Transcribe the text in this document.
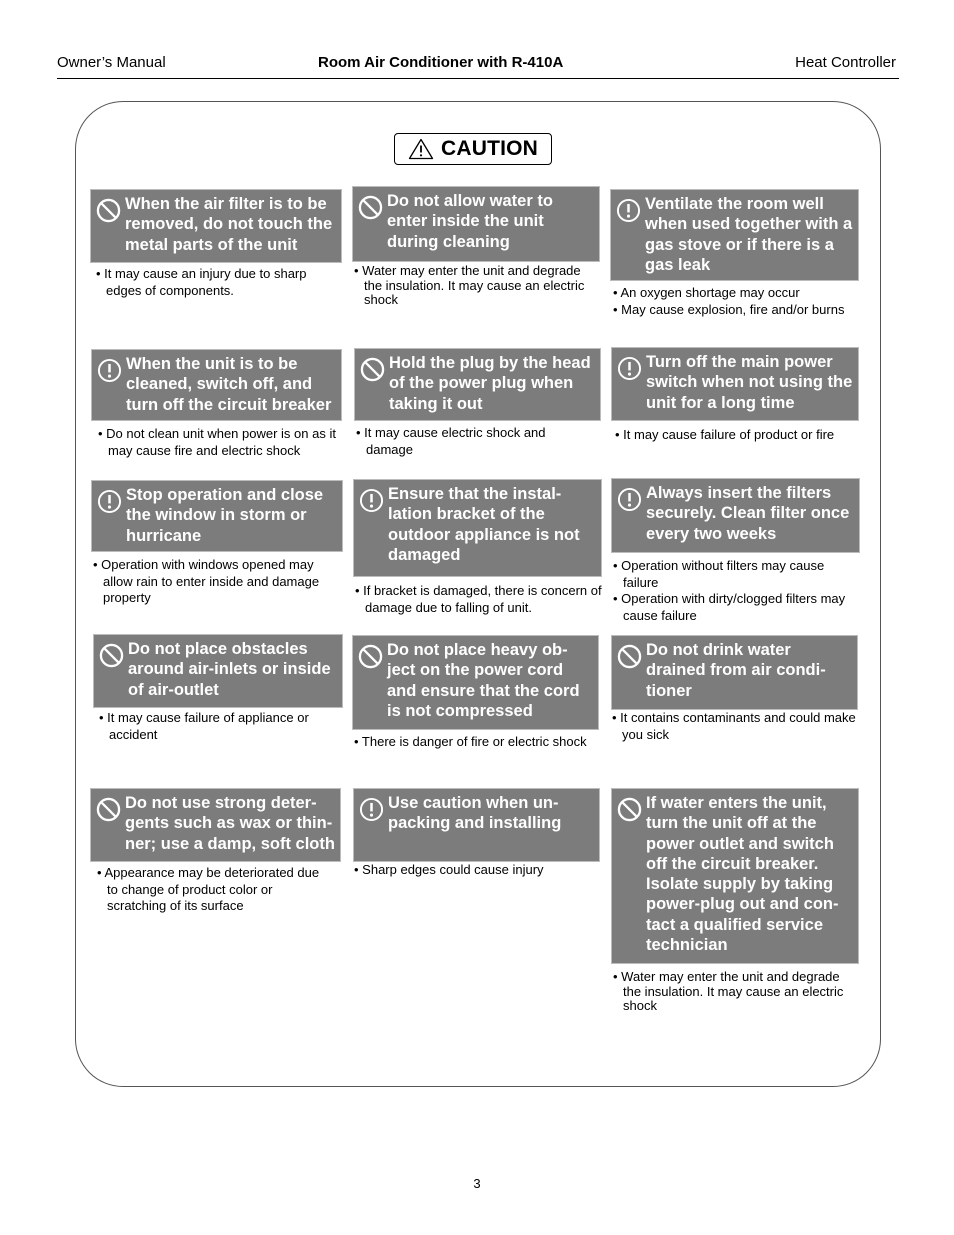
Owner’s Manual	Room Air Conditioner with R-410A	Heat Controller
CAUTION
When the air filter is to be removed, do not touch the metal parts of the unit

• It may cause an injury due to sharp edges of components.

Do not allow water to enter inside the unit during cleaning

• Water may enter the unit and degrade the insulation. It may cause an electric shock

Ventilate the room well when used together with a gas stove or if there is a gas leak

• An oxygen shortage may occur

• May cause explosion, fire and/or burns

When the unit is to be cleaned, switch off, and turn off the circuit breaker

• Do not clean unit when power is on as it may cause fire and electric shock

Hold the plug by the head of the power plug when taking it out

• It may cause electric shock and damage

Turn off the main power switch when not using the unit for a long time

• It may cause failure of product or fire

Stop operation and close the window in storm or hurricane

• Operation with windows opened may allow rain to enter inside and damage property

Ensure that the instal-lation bracket of the outdoor appliance is not damaged

• If bracket is damaged, there is concern of damage due to falling of unit.

Always insert the filters securely. Clean filter once every two weeks

• Operation without filters may cause failure

• Operation with dirty/clogged filters may cause failure

Do not place obstacles around air-inlets or inside of air-outlet

• It may cause failure of appliance or accident

Do not place heavy ob-ject on the power cord and ensure that the cord is not compressed

• There is danger of fire or electric shock

Do not drink water drained from air condi-tioner

• It contains contaminants and could make you sick

Do not use strong deter-gents such as wax or thin-ner; use a damp, soft cloth

• Appearance may be deteriorated due to change of product color or scratching of its surface

Use caution when un-packing and installing

• Sharp edges could cause injury

If water enters the unit, turn the unit off at the power outlet and switch off the circuit breaker. Isolate supply by taking power-plug out and con-tact a qualified service technician

• Water may enter the unit and degrade the insulation. It may cause an electric shock

3
